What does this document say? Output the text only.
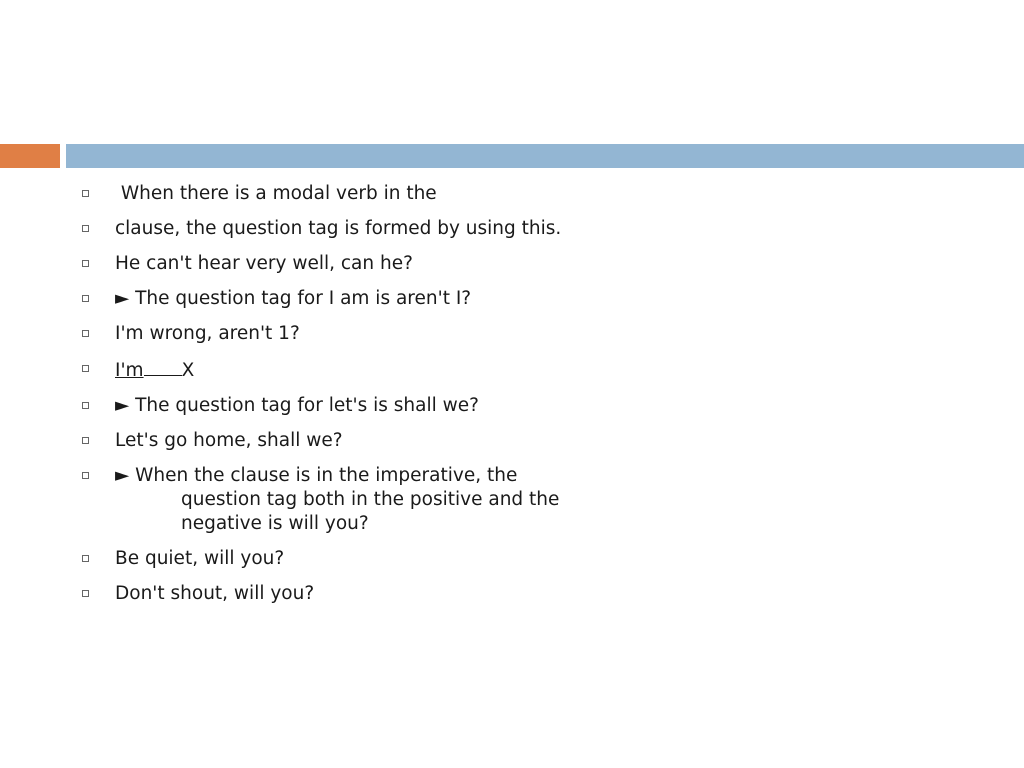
When there is a modal verb in the
clause, the question tag is formed by using this.
He can't hear very well, can he?
► The question tag for I am is aren't I?
I'm wrong, aren't 1?
I'm X
► The question tag for let's is shall we?
Let's go home, shall we?
► When the clause is in the imperative, the
question tag both in the positive and the
negative is will you?
Be quiet, will you?
Don't shout, will you?
